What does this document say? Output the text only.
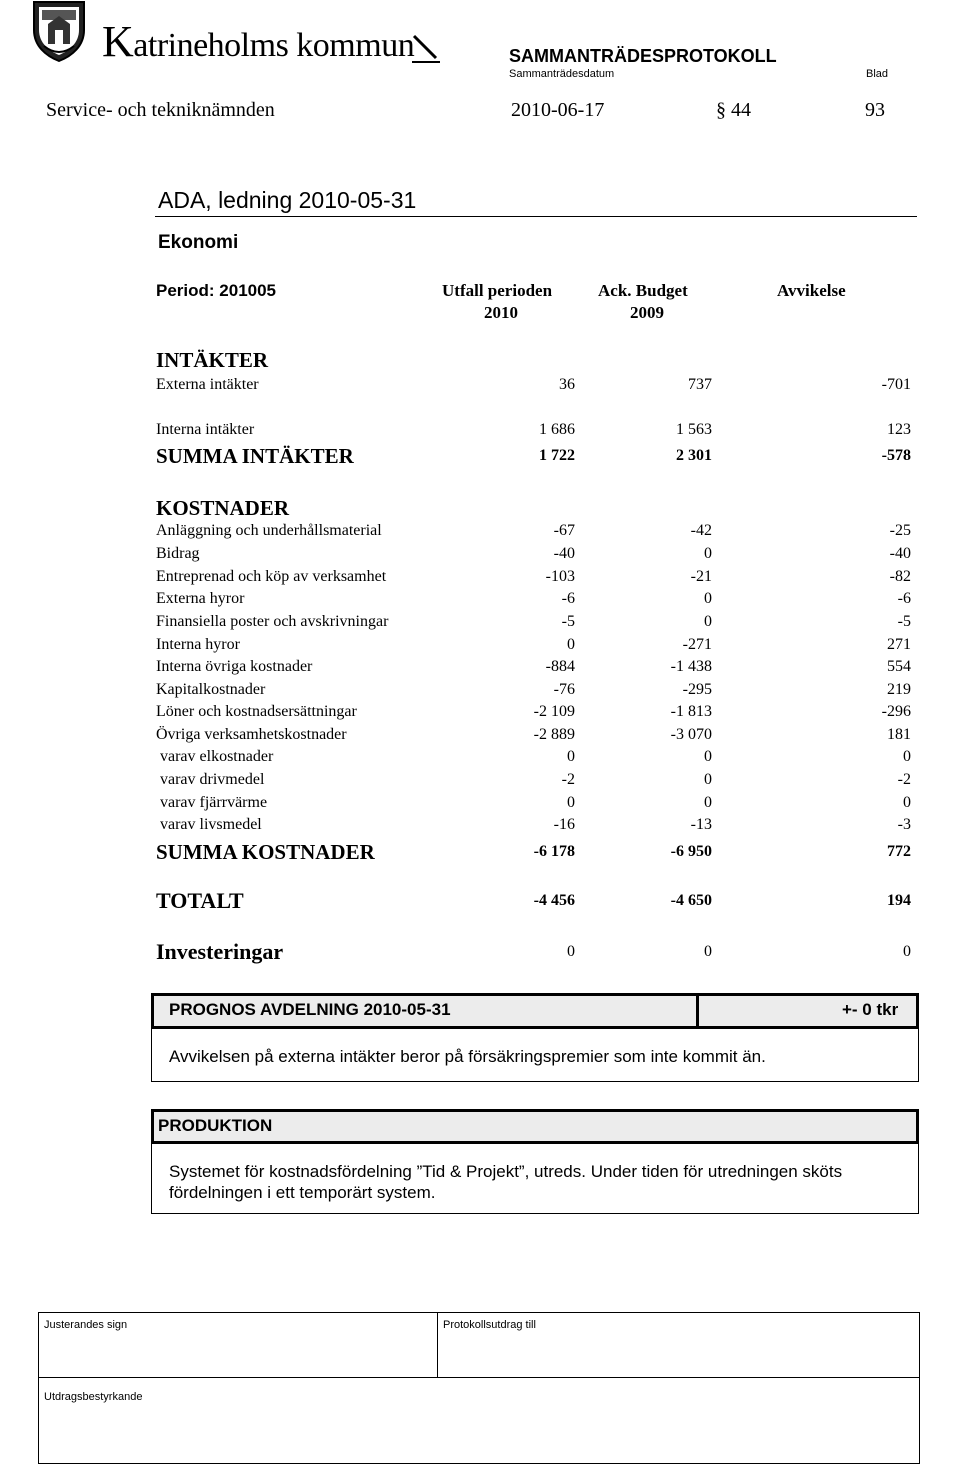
Katrineholms kommun	SAMMANTRÄDESPROTOKOLL
Sammanträdesdatum	Blad
Service- och tekniknämnden	2010-06-17	§ 44	93
ADA, ledning 2010-05-31
Ekonomi
Period: 201005	Utfall perioden	Ack. Budget	Avvikelse
2010	2009
INTÄKTER
Externa intäkter	36	737	-701
Interna intäkter	1 686	1 563	123
SUMMA INTÄKTER	1 722	2 301	-578
KOSTNADER
Anläggning och underhållsmaterial	-67	-42	-25
Bidrag	-40	0	-40
Entreprenad och köp av verksamhet	-103	-21	-82
Externa hyror	-6	0	-6
Finansiella poster och avskrivningar	-5	0	-5
Interna hyror	0	-271	271
Interna övriga kostnader	-884	-1 438	554
Kapitalkostnader	-76	-295	219
Löner och kostnadsersättningar	-2 109	-1 813	-296
Övriga verksamhetskostnader	-2 889	-3 070	181
varav elkostnader	0	0	0
varav drivmedel	-2	0	-2
varav fjärrvärme	0	0	0
varav livsmedel	-16	-13	-3
SUMMA KOSTNADER	-6 178	-6 950	772
TOTALT	-4 456	-4 650	194
Investeringar	0	0	0
PROGNOS AVDELNING 2010-05-31	+- 0 tkr
Avvikelsen på externa intäkter beror på försäkringspremier som inte kommit än.
PRODUKTION
Systemet för kostnadsfördelning ”Tid & Projekt”, utreds. Under tiden för utredningen sköts
fördelningen i ett temporärt system.
Justerandes sign	Protokollsutdrag till
Utdragsbestyrkande
